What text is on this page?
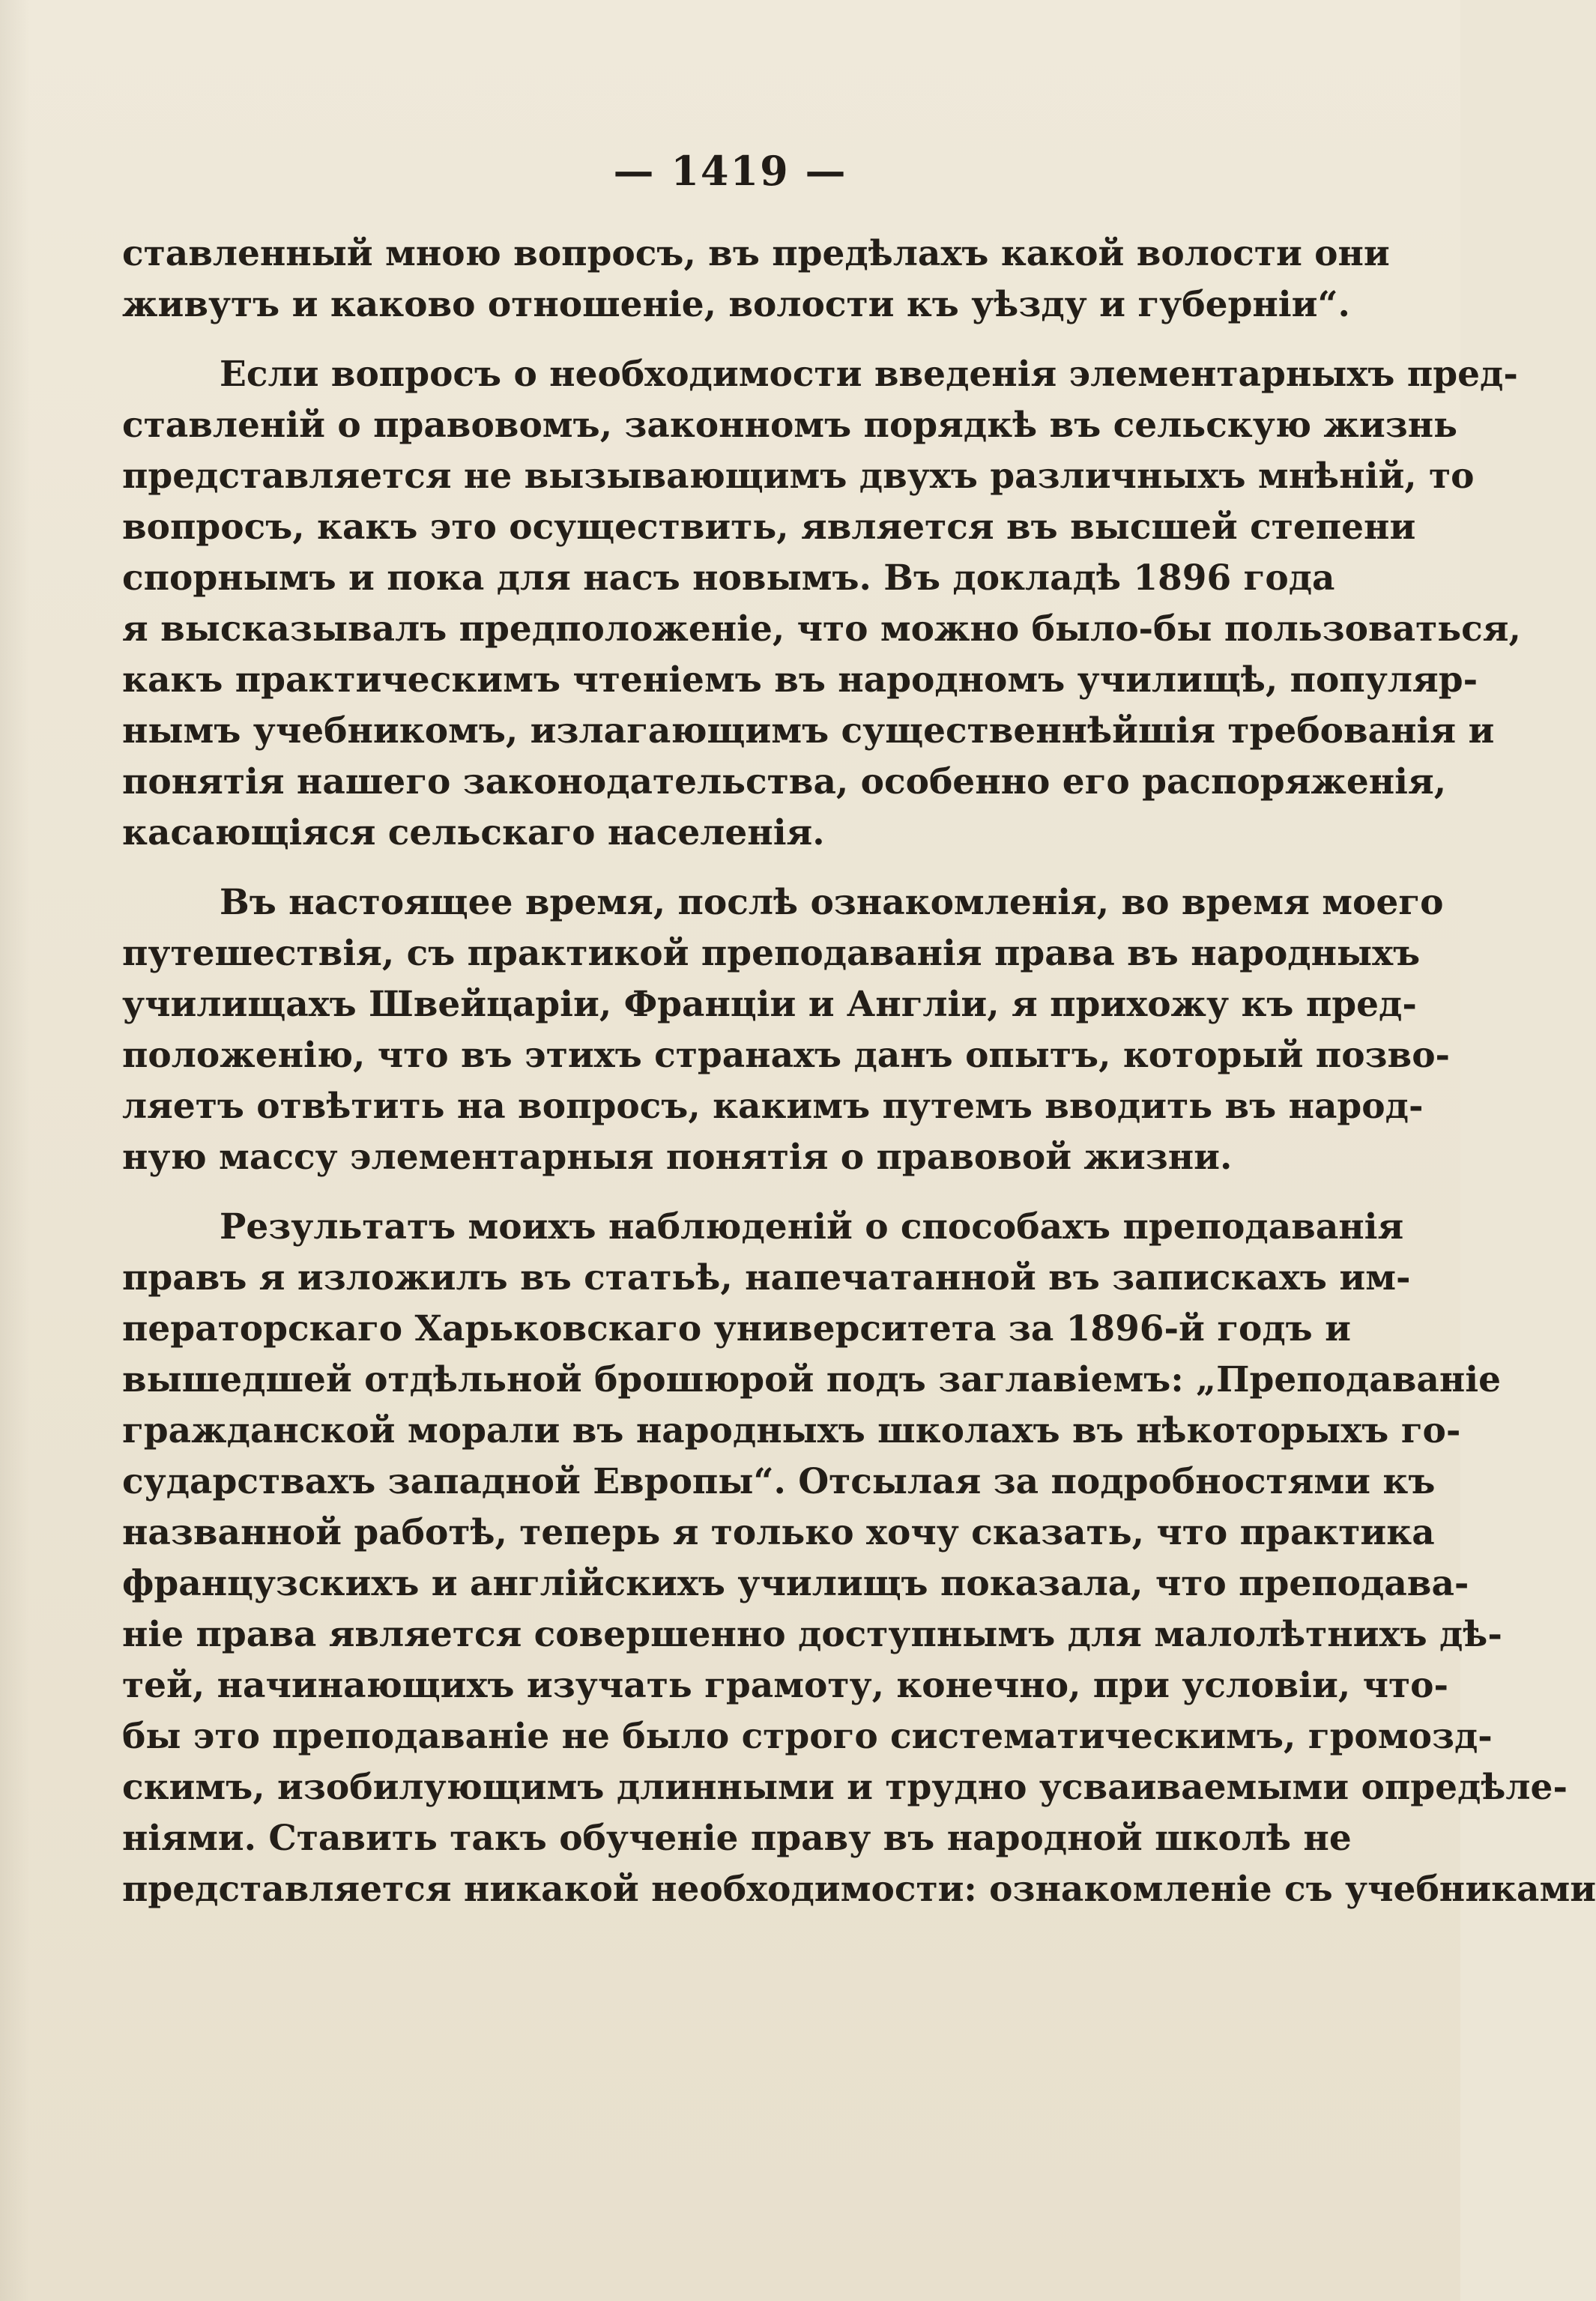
— 1419 —
ставленный мною вопросъ, въ предѣлахъ какой волости они
живутъ и каково отношеніе, волости къ уѣзду и губерніи“.
Если вопросъ о необходимости введенія элементарныхъ пред-
ставленій о правовомъ, законномъ порядкѣ въ сельскую жизнь
представляется не вызывающимъ двухъ различныхъ мнѣній, то
вопросъ, какъ это осуществить, является въ высшей степени
спорнымъ и пока для насъ новымъ. Въ докладѣ 1896 года
я высказывалъ предположеніе, что можно было-бы пользоваться,
какъ практическимъ чтеніемъ въ народномъ училищѣ, популяр-
нымъ учебникомъ, излагающимъ существеннѣйшія требованія и
понятія нашего законодательства, особенно его распоряженія,
касающіяся сельскаго населенія.
Въ настоящее время, послѣ ознакомленія, во время моего
путешествія, съ практикой преподаванія права въ народныхъ
училищахъ Швейцаріи, Франціи и Англіи, я прихожу къ пред-
положенію, что въ этихъ странахъ данъ опытъ, который позво-
ляетъ отвѣтить на вопросъ, какимъ путемъ вводить въ народ-
ную массу элементарныя понятія о правовой жизни.
Результатъ моихъ наблюденій о способахъ преподаванія
правъ я изложилъ въ статьѣ, напечатанной въ запискахъ им-
ператорскаго Харьковскаго университета за 1896-й годъ и
вышедшей отдѣльной брошюрой подъ заглавіемъ: „Преподаваніе
гражданской морали въ народныхъ школахъ въ нѣкоторыхъ го-
сударствахъ западной Европы“. Отсылая за подробностями къ
названной работѣ, теперь я только хочу сказать, что практика
французскихъ и англійскихъ училищъ показала, что преподава-
ніе права является совершенно доступнымъ для малолѣтнихъ дѣ-
тей, начинающихъ изучать грамоту, конечно, при условіи, что-
бы это преподаваніе не было строго систематическимъ, громозд-
скимъ, изобилующимъ длинными и трудно усваиваемыми опредѣле-
ніями. Ставить такъ обученіе праву въ народной школѣ не
представляется никакой необходимости: ознакомленіе съ учебниками
